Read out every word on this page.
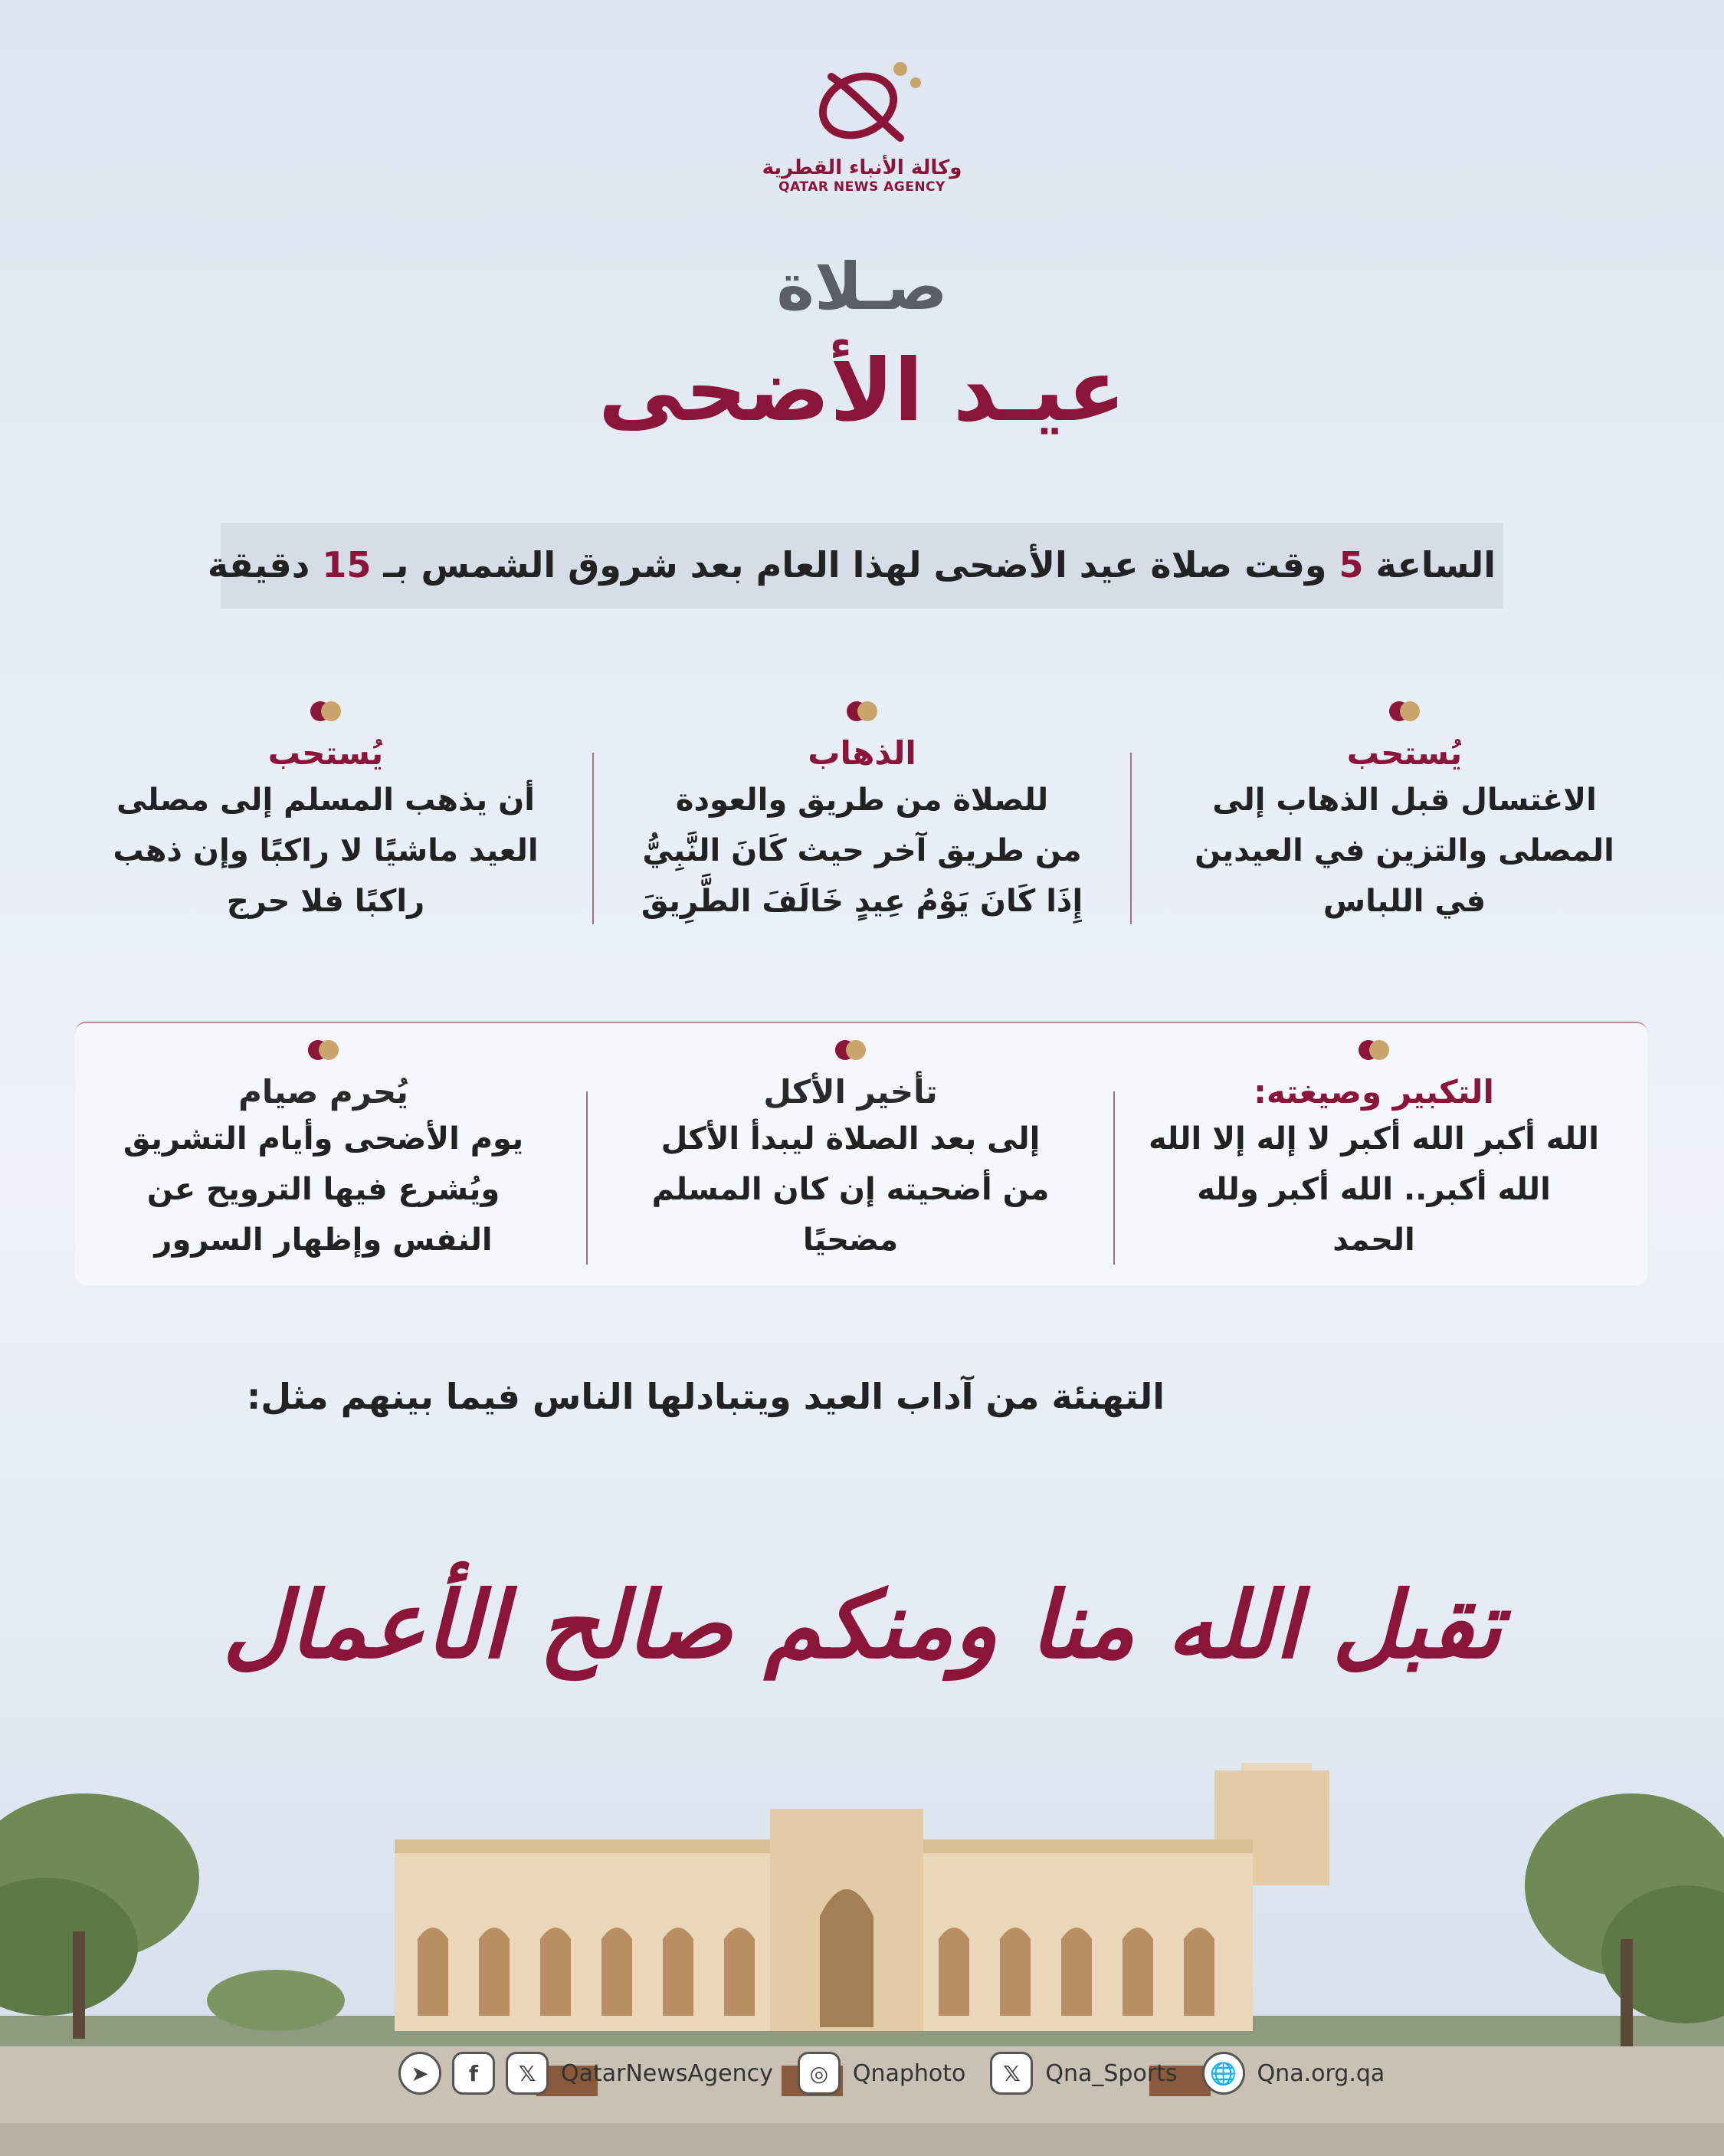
وكالة الأنباء القطرية
QATAR NEWS AGENCY
صـلاة
عيـد الأضحى
الساعة 5 وقت صلاة عيد الأضحى لهذا العام بعد شروق الشمس بـ 15 دقيقة
يُستحب
الاغتسال قبل الذهاب إلى
المصلى والتزين في العيدين
في اللباس
الذهاب
للصلاة من طريق والعودة
من طريق آخر حيث كَانَ النَّبِيُّ
إِذَا كَانَ يَوْمُ عِيدٍ خَالَفَ الطَّرِيقَ
يُستحب
أن يذهب المسلم إلى مصلى
العيد ماشيًا لا راكبًا وإن ذهب
راكبًا فلا حرج
التكبير وصيغته:
الله أكبر الله أكبر لا إله إلا الله
الله أكبر.. الله أكبر ولله
الحمد
تأخير الأكل
إلى بعد الصلاة ليبدأ الأكل
من أضحيته إن كان المسلم
مضحيًا
يُحرم صيام
يوم الأضحى وأيام التشريق
ويُشرع فيها الترويح عن
النفس وإظهار السرور
التهنئة من آداب العيد ويتبادلها الناس فيما بينهم مثل:
تقبل الله منا ومنكم صالح الأعمال
➤	f	𝕏	QatarNewsAgency	◎	Qnaphoto	𝕏	Qna_Sports	🌐 Qna.org.qa
